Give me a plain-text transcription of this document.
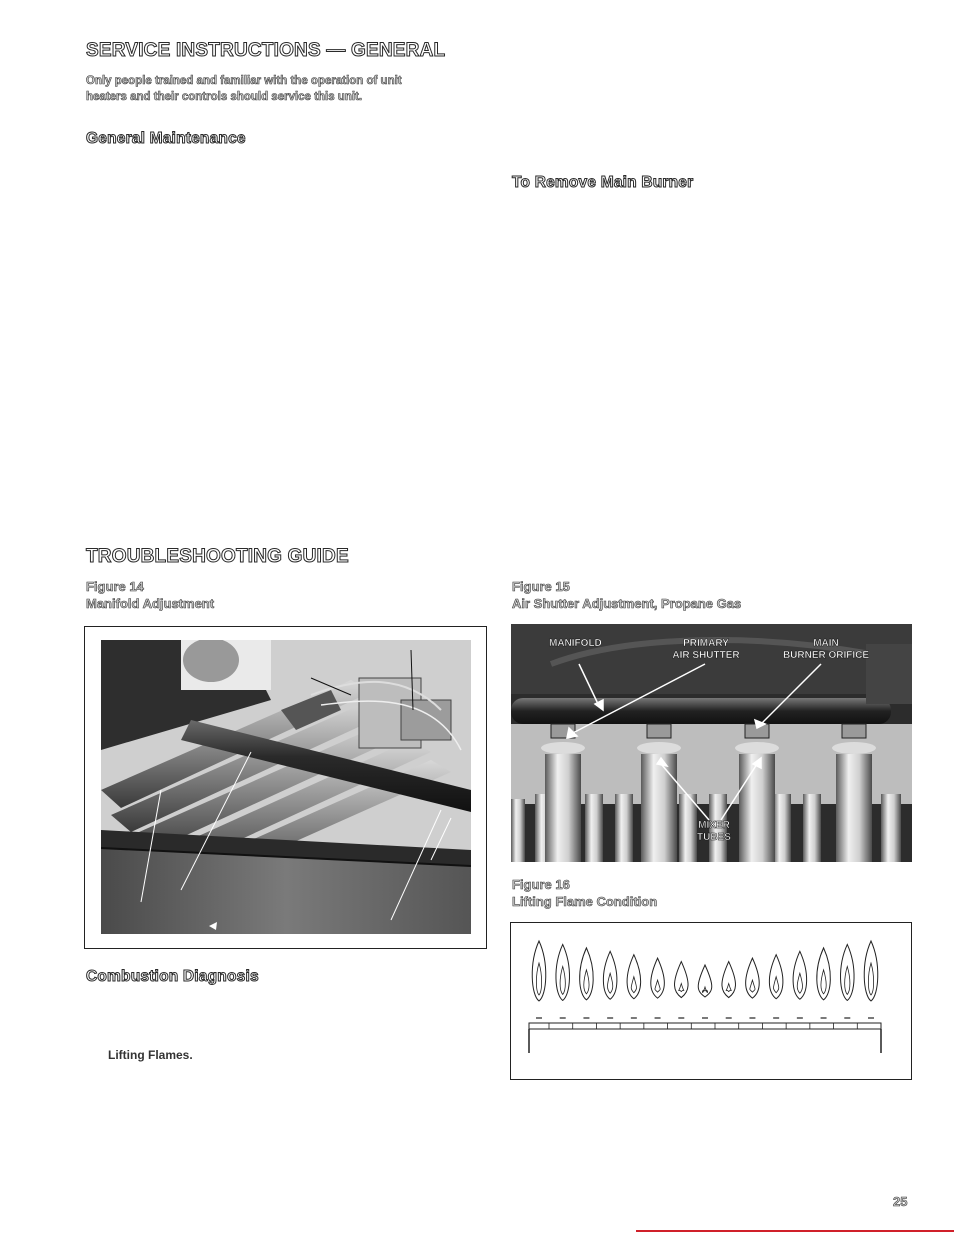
SERVICE INSTRUCTIONS — GENERAL
Only people trained and familiar with the operation of unit
heaters and their controls should service this unit.
General Maintenance
To Remove Main Burner
TROUBLESHOOTING GUIDE
Figure 14
Manifold Adjustment
Figure 15
Air Shutter Adjustment, Propane Gas
MANIFOLD	PRIMARY
AIR SHUTTER
MAIN
BURNER ORIFICE
MIXER
TUBES
Figure 16
Lifting Flame Condition
Combustion Diagnosis
Lifting Flames.
25
